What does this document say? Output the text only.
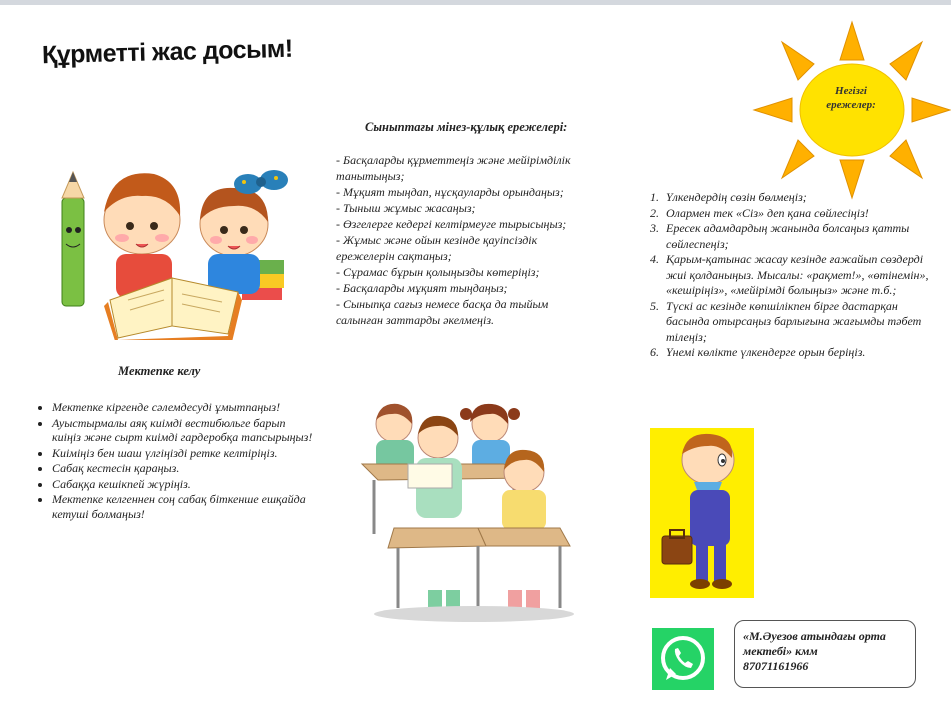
Құрметті жас досым!
Негізгі
ережелер:
Сыныптағы мінез-құлық ережелері:
- Басқаларды құрметтеңіз және мейірімділік
танытыңыз;
- Мұқият тыңдап, нұсқауларды орындаңыз;
- Тыныш жұмыс жасаңыз;
- Өзгелерге кедергі келтірмеуге тырысыңыз;
- Жұмыс және ойын кезінде қауіпсіздік
ережелерін сақтаңыз;
- Сұрамас бұрын қолыңызды көтеріңіз;
- Басқаларды мұқият тыңдаңыз;
- Сыныпқа сағыз немесе басқа да тыйым
салынған заттарды әкелмеңіз.
1. Үлкендердің сөзін бөлмеңіз;
2. Олармен тек «Сіз» деп қана сөйлесіңіз!
3. Ересек адамдардың жанында болсаңыз қатты сөйлеспеңіз;
4. Қарым-қатынас жасау кезінде ғажайып сөздерді жиі қолданыңыз. Мысалы: «рақмет!», «өтінемін», «кешіріңіз», «мейірімді болыңыз» және т.б.;
5. Түскі ас кезінде көпшілікпен бірге дастарқан басында отырсаңыз барлығына жағымды тәбет тілеңіз;
6. Үнемі көлікте үлкендерге орын беріңіз.
Мектепке келу
• Мектепке кіргенде сәлемдесуді ұмытпаңыз!
• Ауыстырмалы аяқ киімді вестибюльге барып киіңіз және сырт киімді гардеробқа тапсырыңыз!
• Киіміңіз бен шаш үлгіңізді ретке келтіріңіз.
• Сабақ кестесін қараңыз.
• Сабаққа кешікпей жүріңіз.
• Мектепке келгеннен соң сабақ біткенше ешқайда кетуші болмаңыз!
«М.Әуезов атындағы орта
мектебі» кмм
87071161966
